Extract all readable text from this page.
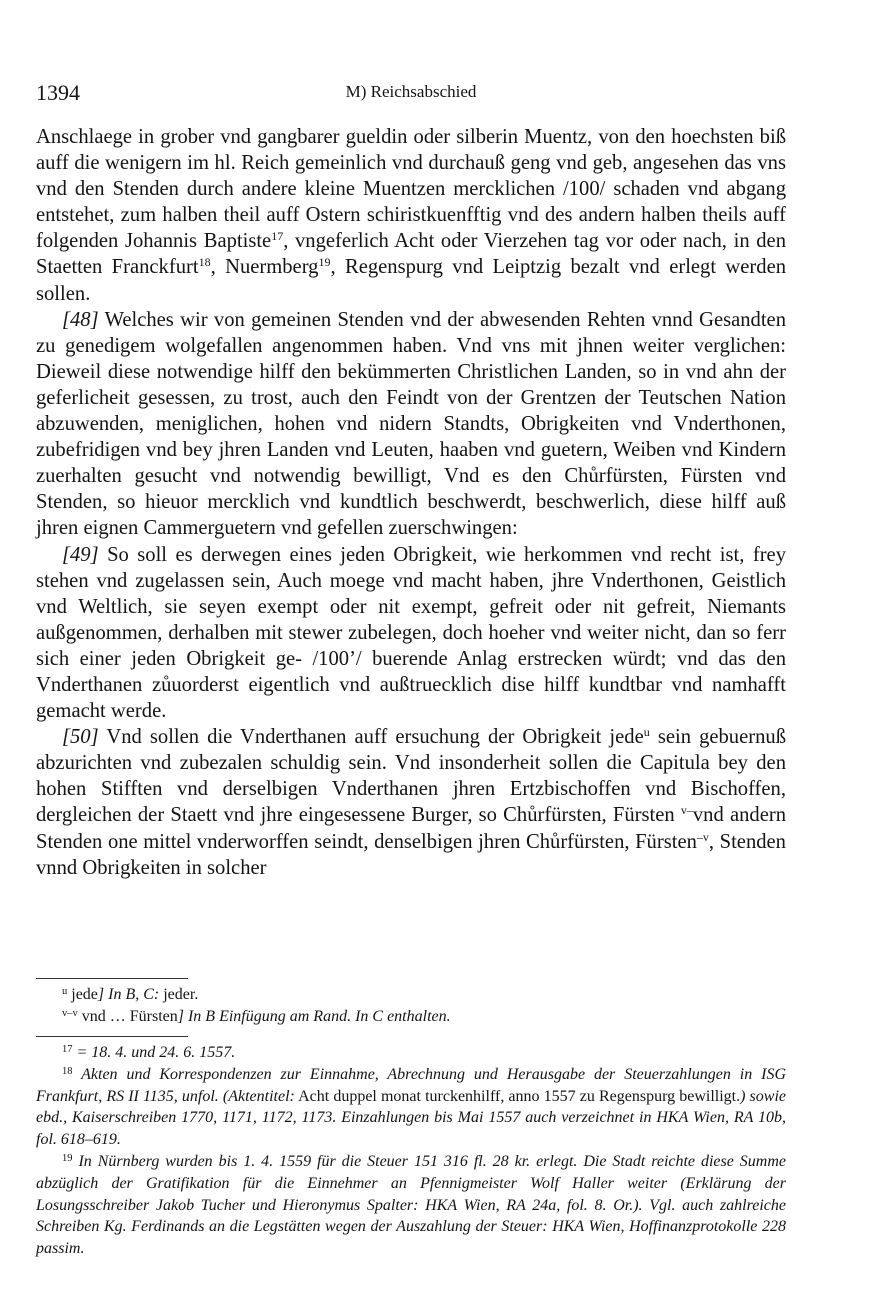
1394	M) Reichsabschied

Anschlaege in grober vnd gangbarer gueldin oder silberin Muentz, von den hoechsten biß auff die wenigern im hl. Reich gemeinlich vnd durchauß geng vnd geb, angesehen das vns vnd den Stenden durch andere kleine Muentzen mercklichen /100/ schaden vnd abgang entstehet, zum halben theil auff Ostern schiristkuenfftig vnd des andern halben theils auff folgenden Johannis Baptiste$^{17}$, vngeferlich Acht oder Vierzehen tag vor oder nach, in den Staetten Franckfurt$^{18}$, Nuermberg$^{19}$, Regenspurg vnd Leiptzig bezalt vnd erlegt werden sollen.

[48] Welches wir von gemeinen Stenden vnd der abwesenden Rehten vnnd Gesandten zu genedigem wolgefallen angenommen haben. Vnd vns mit jhnen weiter verglichen: Dieweil diese notwendige hilff den bekümmerten Christlichen Landen, so in vnd ahn der geferlicheit gesessen, zu trost, auch den Feindt von der Grentzen der Teutschen Nation abzuwenden, meniglichen, hohen vnd nidern Standts, Obrigkeiten vnd Vnderthonen, zubefridigen vnd bey jhren Landen vnd Leuten, haaben vnd guetern, Weiben vnd Kindern zuerhalten gesucht vnd notwendig bewilligt, Vnd es den Chůrfürsten, Fürsten vnd Stenden, so hieuor mercklich vnd kundtlich beschwerdt, beschwerlich, diese hilff auß jhren eignen Cammerguetern vnd gefellen zuerschwingen:

[49] So soll es derwegen eines jeden Obrigkeit, wie herkommen vnd recht ist, frey stehen vnd zugelassen sein, Auch moege vnd macht haben, jhre Vnderthonen, Geistlich vnd Weltlich, sie seyen exempt oder nit exempt, gefreit oder nit gefreit, Niemants außgenommen, derhalben mit stewer zubelegen, doch hoeher vnd weiter nicht, dan so ferr sich einer jeden Obrigkeit ge- /100’/ buerende Anlag erstrecken würdt; vnd das den Vnderthanen zůuorderst eigentlich vnd außtruecklich dise hilff kundtbar vnd namhafft gemacht werde.

[50] Vnd sollen die Vnderthanen auff ersuchung der Obrigkeit jede$^u$ sein gebuernuß abzurichten vnd zubezalen schuldig sein. Vnd insonderheit sollen die Capitula bey den hohen Stifften vnd derselbigen Vnderthanen jhren Ertzbischoffen vnd Bischoffen, dergleichen der Staett vnd jhre eingesessene Burger, so Chůrfürsten, Fürsten $^{v-}$vnd andern Stenden one mittel vnderworffen seindt, denselbigen jhren Chůrfürsten, Fürsten$^{-v}$, Stenden vnnd Obrigkeiten in solcher

$^u$ jede] In B, C: jeder.
$^{v-v}$ vnd … Fürsten] In B Einfügung am Rand. In C enthalten.
$^{17}$ = 18. 4. und 24. 6. 1557.
$^{18}$ Akten und Korrespondenzen zur Einnahme, Abrechnung und Herausgabe der Steuerzahlungen in ISG Frankfurt, RS II 1135, unfol. (Aktentitel: Acht duppel monat turckenhilff, anno 1557 zu Regenspurg bewilligt.) sowie ebd., Kaiserschreiben 1770, 1171, 1172, 1173. Einzahlungen bis Mai 1557 auch verzeichnet in HKA Wien, RA 10b, fol. 618–619.
$^{19}$ In Nürnberg wurden bis 1. 4. 1559 für die Steuer 151 316 fl. 28 kr. erlegt. Die Stadt reichte diese Summe abzüglich der Gratifikation für die Einnehmer an Pfennigmeister Wolf Haller weiter (Erklärung der Losungsschreiber Jakob Tucher und Hieronymus Spalter: HKA Wien, RA 24a, fol. 8. Or.). Vgl. auch zahlreiche Schreiben Kg. Ferdinands an die Legstätten wegen der Auszahlung der Steuer: HKA Wien, Hoffinanzprotokolle 228 passim.
